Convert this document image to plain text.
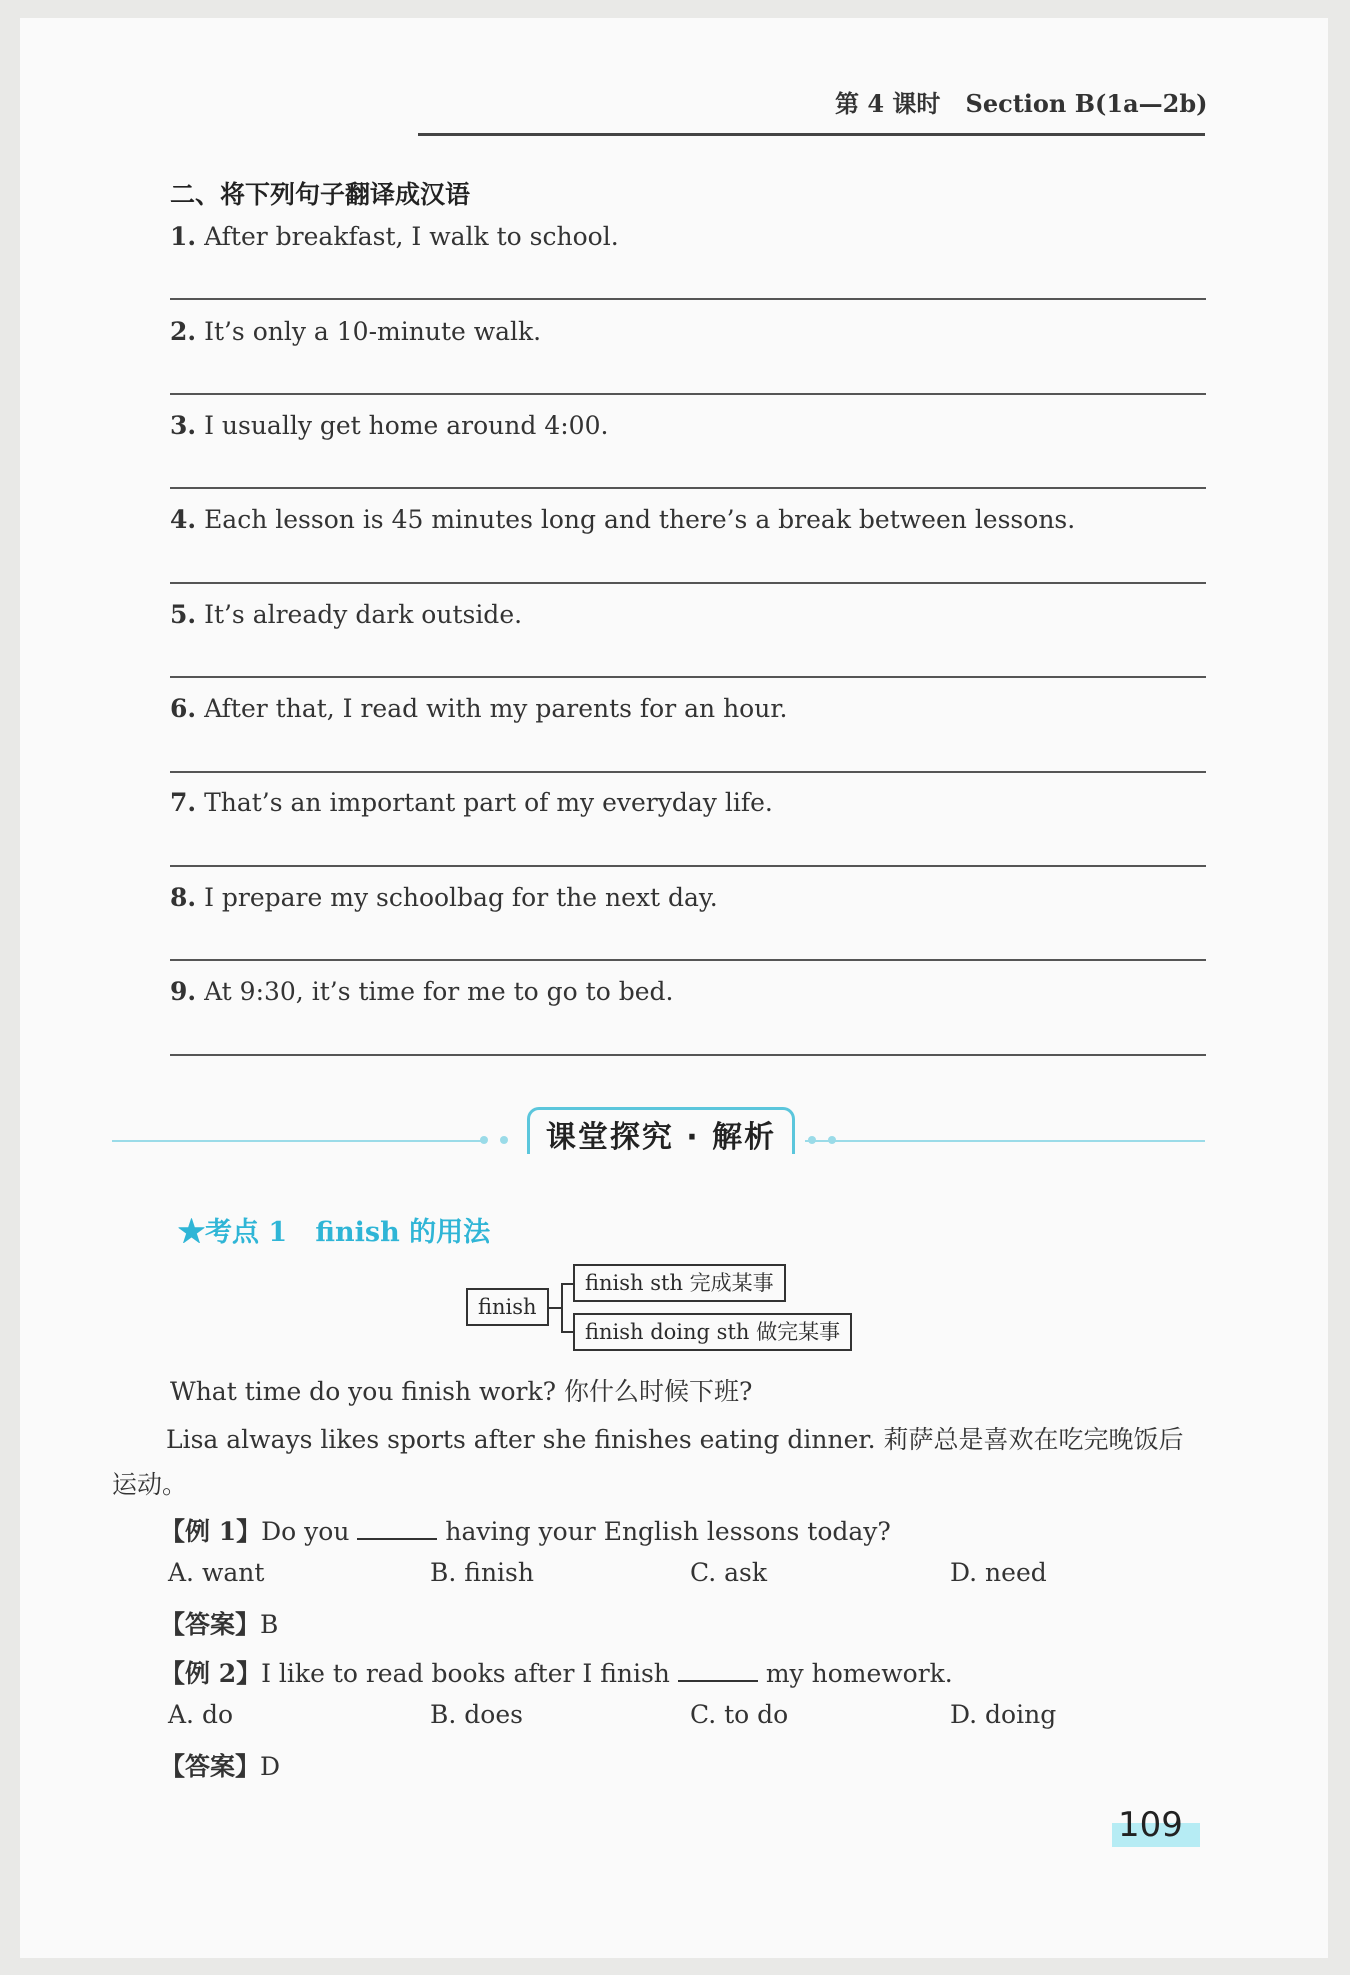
第 4 课时 Section B(1a—2b)
二、将下列句子翻译成汉语
1. After breakfast, I walk to school.
2. It’s only a 10-minute walk.
3. I usually get home around 4:00.
4. Each lesson is 45 minutes long and there’s a break between lessons.
5. It’s already dark outside.
6. After that, I read with my parents for an hour.
7. That’s an important part of my everyday life.
8. I prepare my schoolbag for the next day.
9. At 9:30, it’s time for me to go to bed.
课堂探究 · 解析
★考点 1 finish 的用法
finish
finish sth 完成某事
finish doing sth 做完某事
What time do you finish work? 你什么时候下班?
Lisa always likes sports after she finishes eating dinner. 莉萨总是喜欢在吃完晚饭后
运动。
【例 1】Do you	having your English lessons today?
A. want	B. finish	C. ask	D. need
【答案】B
【例 2】I like to read books after I finish	my homework.
A. do	B. does	C. to do	D. doing
【答案】D
109
